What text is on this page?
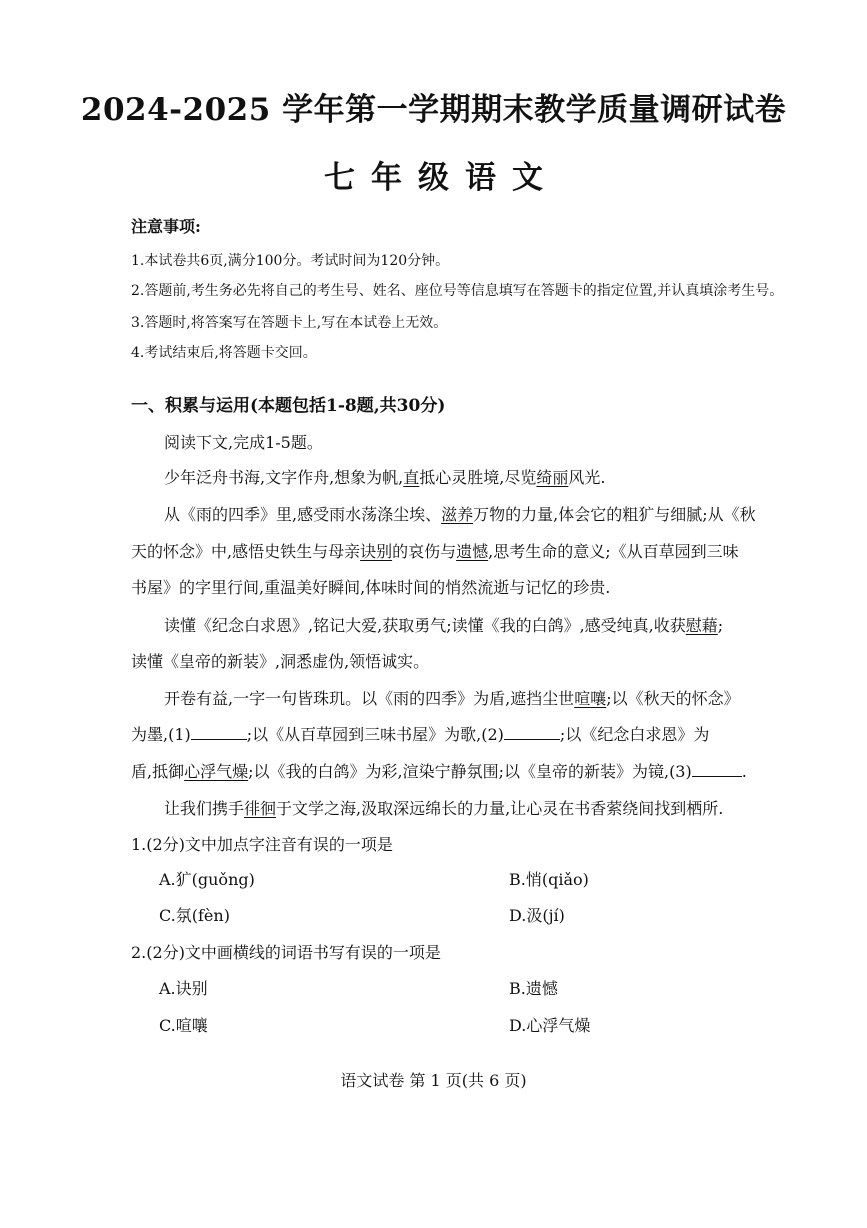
2024-2025 学年第一学期期末教学质量调研试卷
七年级语文
注意事项:
1.本试卷共6页,满分100分。考试时间为120分钟。
2.答题前,考生务必先将自己的考生号、姓名、座位号等信息填写在答题卡的指定位置,并认真填涂考生号。
3.答题时,将答案写在答题卡上,写在本试卷上无效。
4.考试结束后,将答题卡交回。
一、积累与运用(本题包括1-8题,共30分)
阅读下文,完成1-5题。
少年泛舟书海,文字作舟,想象为帆,直抵心灵胜境,尽览绮丽风光.
从《雨的四季》里,感受雨水荡涤尘埃、滋养万物的力量,体会它的粗犷与细腻;从《秋
天的怀念》中,感悟史铁生与母亲诀别的哀伤与遗憾,思考生命的意义;《从百草园到三味
书屋》的字里行间,重温美好瞬间,体味时间的悄然流逝与记忆的珍贵.
读懂《纪念白求恩》,铭记大爱,获取勇气;读懂《我的白鸽》,感受纯真,收获慰藉;
读懂《皇帝的新装》,洞悉虚伪,领悟诚实。
开卷有益,一字一句皆珠玑。以《雨的四季》为盾,遮挡尘世喧嚷;以《秋天的怀念》
为墨,(1)	;以《从百草园到三味书屋》为歌,(2)	;以《纪念白求恩》为
盾,抵御心浮气燥;以《我的白鸽》为彩,渲染宁静氛围;以《皇帝的新装》为镜,(3)	.
让我们携手徘徊于文学之海,汲取深远绵长的力量,让心灵在书香萦绕间找到栖所.
1.(2分)文中加点字注音有误的一项是
A.犷(guǒng)	B.悄(qiǎo)
C.氛(fèn)	D.汲(jí)
2.(2分)文中画横线的词语书写有误的一项是
A.诀别	B.遗憾
C.喧嚷	D.心浮气燥
语文试卷 第 1 页(共 6 页)
